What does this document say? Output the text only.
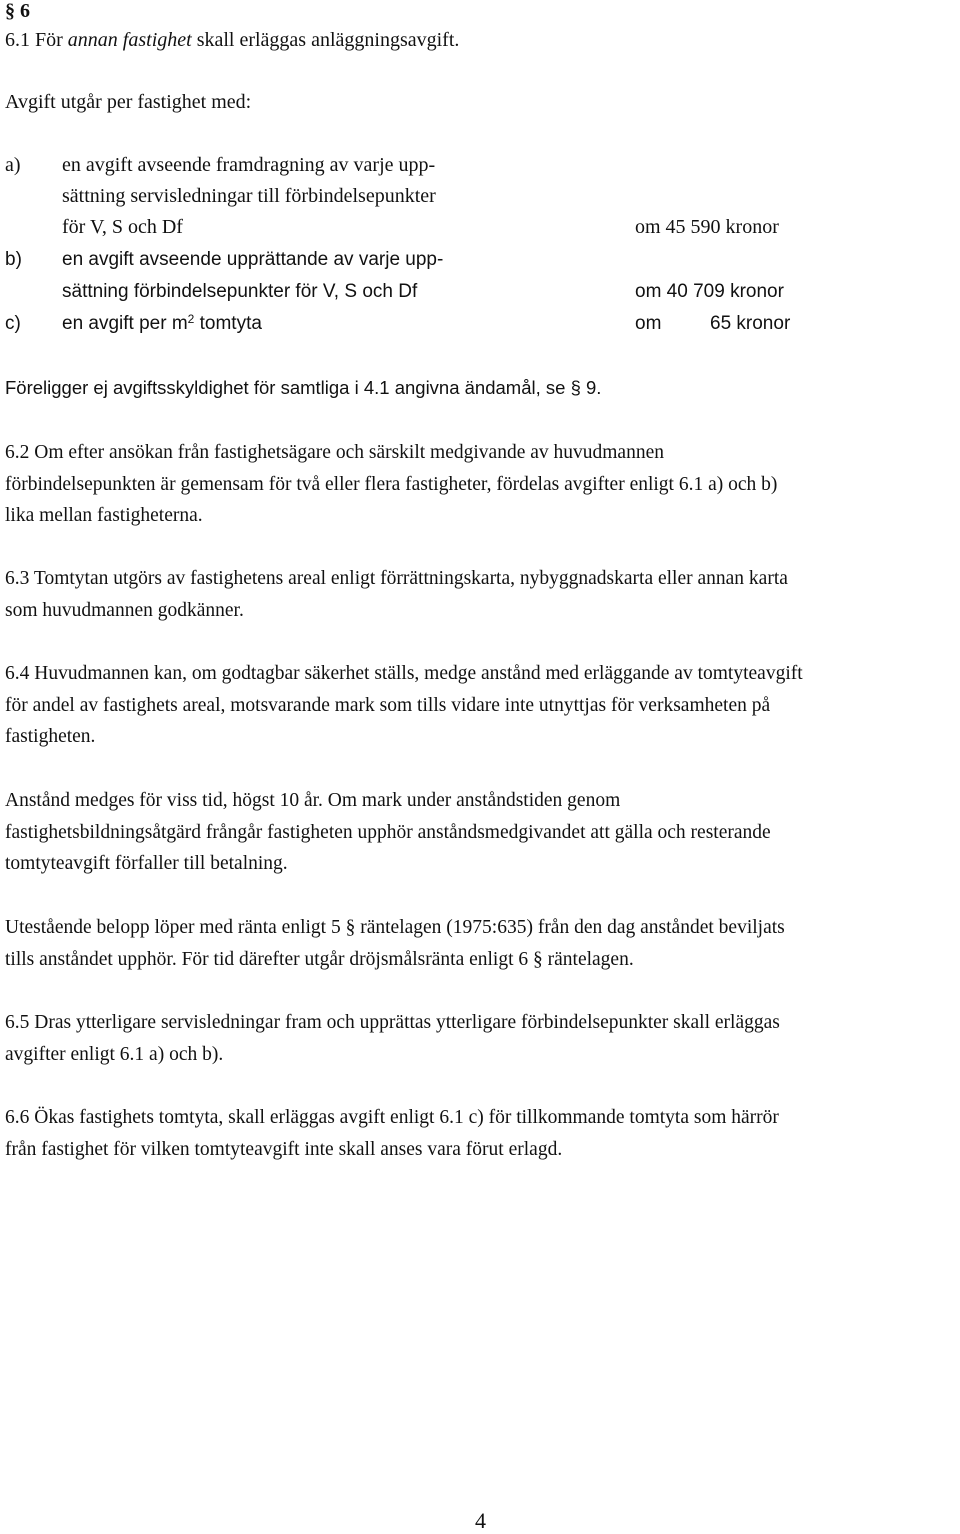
§ 6
6.1 För annan fastighet skall erläggas anläggningsavgift.
Avgift utgår per fastighet med:
a) en avgift avseende framdragning av varje upp-
sättning servisledningar till förbindelsepunkter
för V, S och Df	om 45 590 kronor
b) en avgift avseende upprättande av varje upp-
sättning förbindelsepunkter för V, S och Df	om 40 709 kronor
c) en avgift per $m^2$ tomtyta	om	65 kronor
Föreligger ej avgiftsskyldighet för samtliga i 4.1 angivna ändamål, se § 9.
6.2 Om efter ansökan från fastighetsägare och särskilt medgivande av huvudmannen
förbindelsepunkten är gemensam för två eller flera fastigheter, fördelas avgifter enligt 6.1 a) och b)
lika mellan fastigheterna.
6.3 Tomtytan utgörs av fastighetens areal enligt förrättningskarta, nybyggnadskarta eller annan karta
som huvudmannen godkänner.
6.4 Huvudmannen kan, om godtagbar säkerhet ställs, medge anstånd med erläggande av tomtyteavgift
för andel av fastighets areal, motsvarande mark som tills vidare inte utnyttjas för verksamheten på
fastigheten.
Anstånd medges för viss tid, högst 10 år. Om mark under anståndstiden genom
fastighetsbildningsåtgärd frångår fastigheten upphör anståndsmedgivandet att gälla och resterande
tomtyteavgift förfaller till betalning.
Utestående belopp löper med ränta enligt 5 § räntelagen (1975:635) från den dag anståndet beviljats
tills anståndet upphör. För tid därefter utgår dröjsmålsränta enligt 6 § räntelagen.
6.5 Dras ytterligare servisledningar fram och upprättas ytterligare förbindelsepunkter skall erläggas
avgifter enligt 6.1 a) och b).
6.6 Ökas fastighets tomtyta, skall erläggas avgift enligt 6.1 c) för tillkommande tomtyta som härrör
från fastighet för vilken tomtyteavgift inte skall anses vara förut erlagd.
4
